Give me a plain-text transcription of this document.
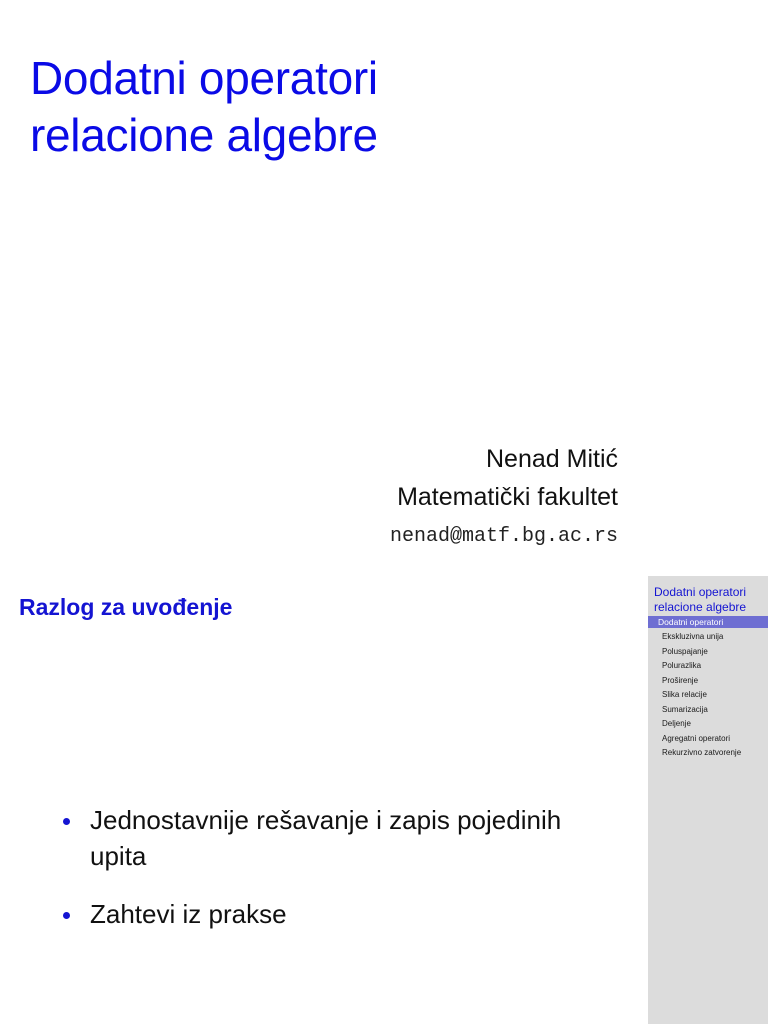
Dodatni operatori
relacione algebre
Nenad Mitić
Matematički fakultet
nenad@matf.bg.ac.rs
Razlog za uvođenje
Jednostavnije rešavanje i zapis pojedinih upita
Zahtevi iz prakse
Dodatni operatori
relacione algebre
Dodatni operatori
Ekskluzivna unija
Poluspajanje
Polurazlika
Proširenje
Slika relacije
Sumarizacija
Deljenje
Agregatni operatori
Rekurzivno zatvorenje
